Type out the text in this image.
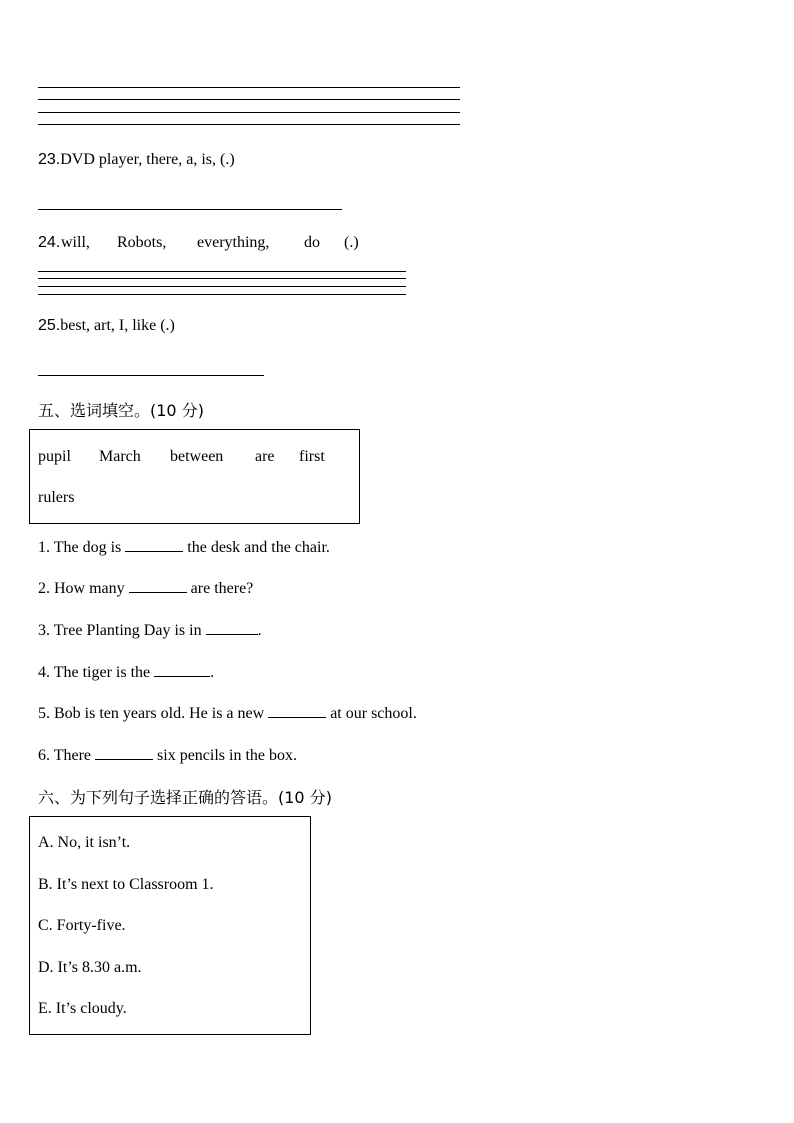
23.DVD player, there, a, is, (.)
24. will, Robots, everything, do (.)
25.best, art, I, like (.)
五、选词填空。(10 分)
pupil March between are first
rulers
1. The dog is	the desk and the chair.
2. How many	are there?
3. Tree Planting Day is in	.
4. The tiger is the	.
5. Bob is ten years old. He is a new	at our school.
6. There	six pencils in the box.
六、为下列句子选择正确的答语。(10 分)
A. No, it isn’t.
B. It’s next to Classroom 1.
C. Forty-five.
D. It’s 8.30 a.m.
E. It’s cloudy.
